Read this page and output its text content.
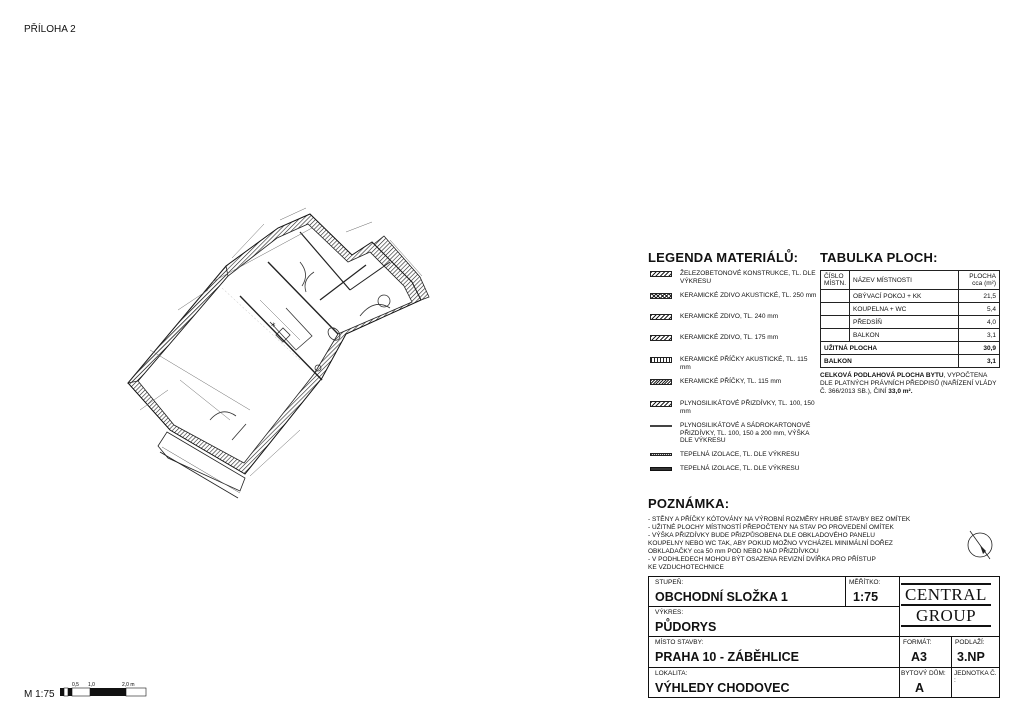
PŘÍLOHA 2
*
LEGENDA MATERIÁLŮ:
ŽELEZOBETONOVÉ KONSTRUKCE, TL. DLE VÝKRESU
KERAMICKÉ ZDIVO AKUSTICKÉ, TL. 250 mm
KERAMICKÉ ZDIVO, TL. 240 mm
KERAMICKÉ ZDIVO, TL. 175 mm
KERAMICKÉ PŘÍČKY AKUSTICKÉ, TL. 115 mm
KERAMICKÉ PŘÍČKY, TL. 115 mm
PLYNOSILIKÁTOVÉ PŘIZDÍVKY, TL. 100, 150 mm
PLYNOSILIKÁTOVÉ A SÁDROKARTONOVÉ PŘIZDÍVKY, TL. 100, 150 a 200 mm, VÝŠKA DLE VÝKRESU
TEPELNÁ IZOLACE, TL. DLE VÝKRESU
TEPELNÁ IZOLACE, TL. DLE VÝKRESU
TABULKA PLOCH:
ČÍSLO MÍSTN.	NÁZEV MÍSTNOSTI	PLOCHA cca (m²)
	OBÝVACÍ POKOJ + KK	21,5
	KOUPELNA + WC	5,4
	PŘEDSÍŇ	4,0
	BALKON	3,1
UŽITNÁ PLOCHA		30,9
BALKON		3,1
CELKOVÁ PODLAHOVÁ PLOCHA BYTU, VYPOČTENA DLE PLATNÝCH PRÁVNÍCH PŘEDPISŮ (NAŘÍZENÍ VLÁDY Č. 366/2013 SB.), ČINÍ 33,0 m².
POZNÁMKA:
- STĚNY A PŘÍČKY KÓTOVÁNY NA VÝROBNÍ ROZMĚRY HRUBÉ STAVBY BEZ OMÍTEK
- UŽITNÉ PLOCHY MÍSTNOSTÍ PŘEPOČTENY NA STAV PO PROVEDENÍ OMÍTEK
- VÝŠKA PŘIZDÍVKY BUDE PŘIZPŮSOBENA DLE OBKLADOVÉHO PANELU
KOUPELNY NEBO WC TAK, ABY POKUD MOŽNO VYCHÁZEL MINIMÁLNÍ DOŘEZ
OBKLADAČKY cca 50 mm POD NEBO NAD PŘIZDÍVKOU
- V PODHLEDECH MOHOU BÝT OSAZENA REVIZNÍ DVÍŘKA PRO PŘÍSTUP
KE VZDUCHOTECHNICE
STUPEŇ:
OBCHODNÍ SLOŽKA 1
MĚŘÍTKO:
1:75
VÝKRES:
PŮDORYS
MÍSTO STAVBY:
PRAHA 10 - ZÁBĚHLICE
FORMÁT:
A3
PODLAŽÍ:
3.NP
LOKALITA:
VÝHLEDY CHODOVEC
BYTOVÝ DŮM:
A
JEDNOTKA Č. :
CENTRAL
GROUP
M 1:75
0,5 1,0	2,0 m
